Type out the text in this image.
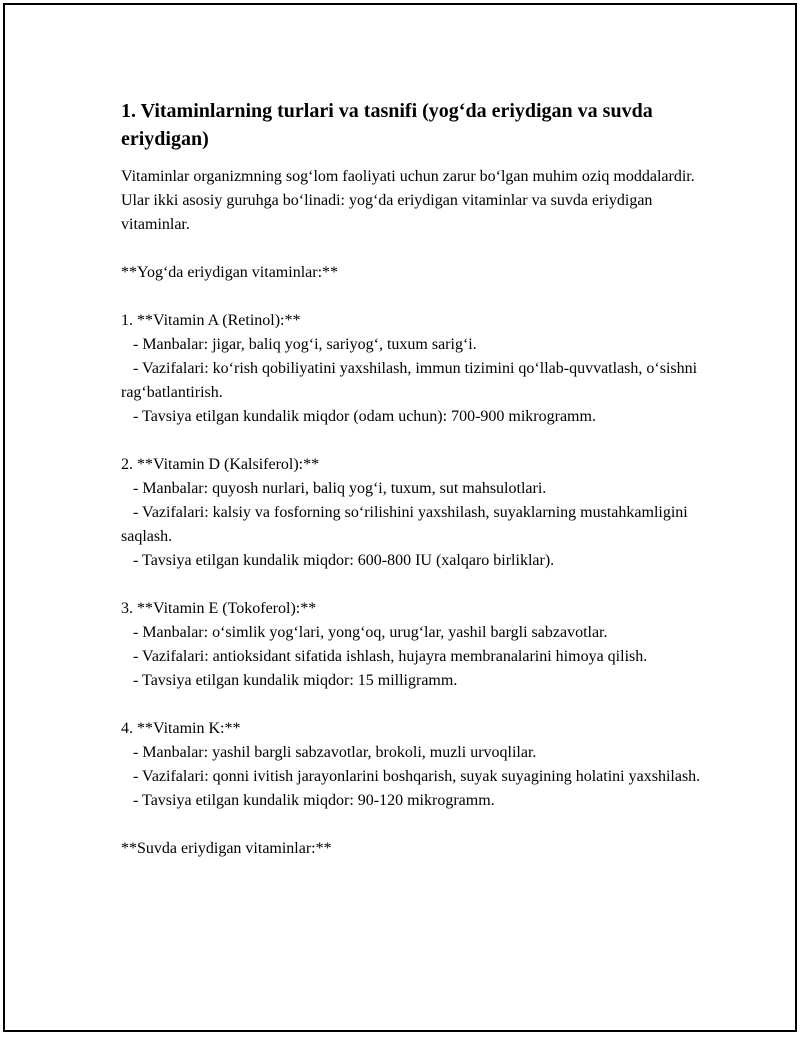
1. Vitaminlarning turlari va tasnifi (yog‘da eriydigan va suvda eriydigan)

Vitaminlar organizmning sog‘lom faoliyati uchun zarur bo‘lgan muhim oziq moddalardir. Ular ikki asosiy guruhga bo‘linadi: yog‘da eriydigan vitaminlar va suvda eriydigan vitaminlar.

**Yog‘da eriydigan vitaminlar:**

1. **Vitamin A (Retinol):**
- Manbalar: jigar, baliq yog‘i, sariyog‘, tuxum sarig‘i.
- Vazifalari: ko‘rish qobiliyatini yaxshilash, immun tizimini qo‘llab-quvvatlash, o‘sishni rag‘batlantirish.
- Tavsiya etilgan kundalik miqdor (odam uchun): 700-900 mikrogramm.

2. **Vitamin D (Kalsiferol):**
- Manbalar: quyosh nurlari, baliq yog‘i, tuxum, sut mahsulotlari.
- Vazifalari: kalsiy va fosforning so‘rilishini yaxshilash, suyaklarning mustahkamligini saqlash.
- Tavsiya etilgan kundalik miqdor: 600-800 IU (xalqaro birliklar).

3. **Vitamin E (Tokoferol):**
- Manbalar: o‘simlik yog‘lari, yong‘oq, urug‘lar, yashil bargli sabzavotlar.
- Vazifalari: antioksidant sifatida ishlash, hujayra membranalarini himoya qilish.
- Tavsiya etilgan kundalik miqdor: 15 milligramm.

4. **Vitamin K:**
- Manbalar: yashil bargli sabzavotlar, brokoli, muzli urvoqlilar.
- Vazifalari: qonni ivitish jarayonlarini boshqarish, suyak suyagining holatini yaxshilash.
- Tavsiya etilgan kundalik miqdor: 90-120 mikrogramm.

**Suvda eriydigan vitaminlar:**
